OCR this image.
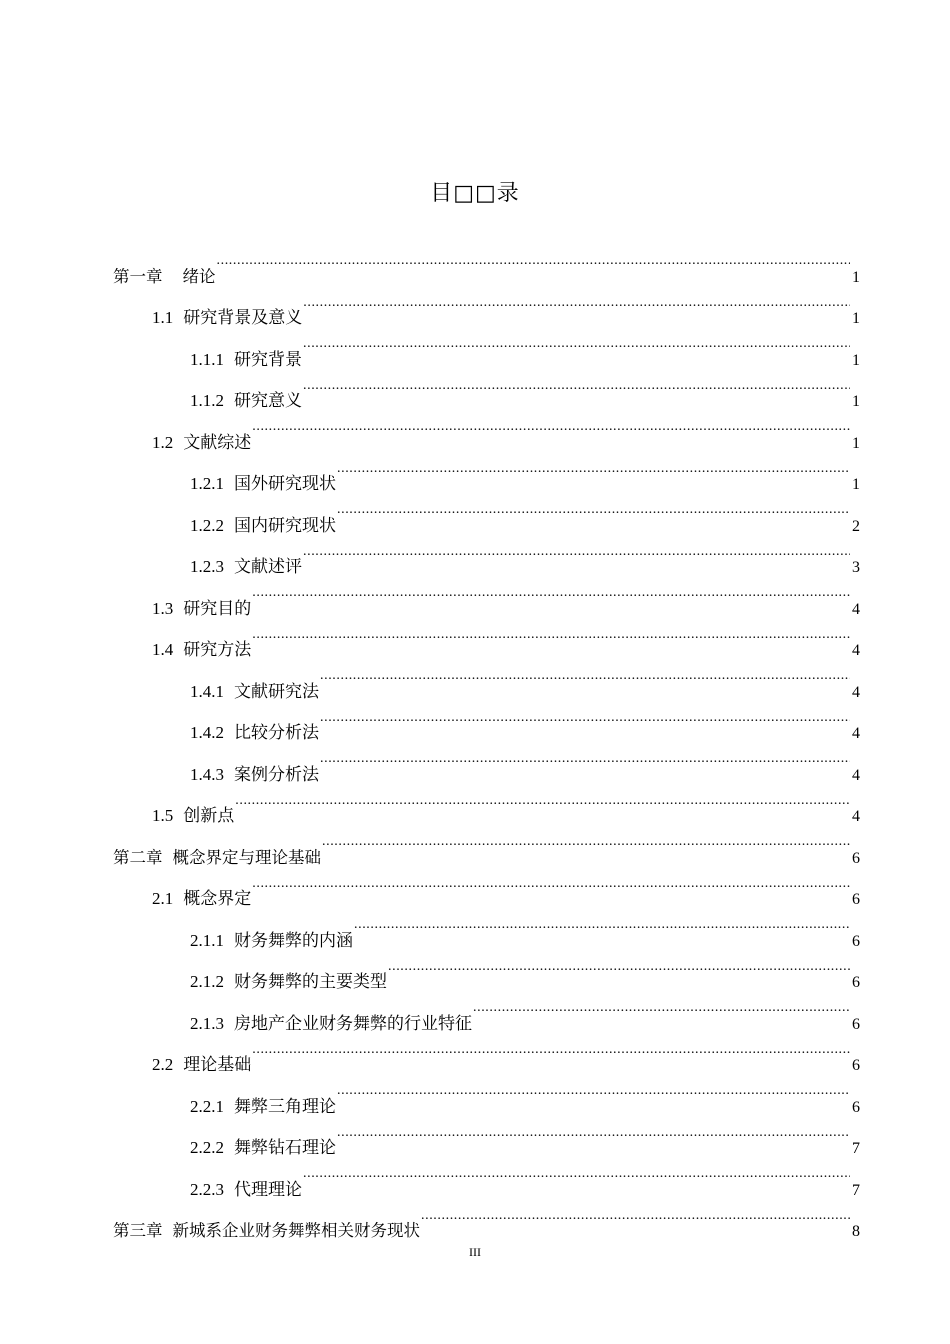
目□□录
第一章 绪论 .....	1
1.1 研究背景及意义 .....	1
1.1.1 研究背景 .....	1
1.1.2 研究意义 .....	1
1.2 文献综述 .....	1
1.2.1 国外研究现状 .....	1
1.2.2 国内研究现状 .....	2
1.2.3 文献述评 .....	3
1.3 研究目的 .....	4
1.4 研究方法 .....	4
1.4.1 文献研究法 .....	4
1.4.2 比较分析法 .....	4
1.4.3 案例分析法 .....	4
1.5 创新点 .....	4
第二章 概念界定与理论基础 .....	6
2.1 概念界定 .....	6
2.1.1 财务舞弊的内涵 .....	6
2.1.2 财务舞弊的主要类型 .....	6
2.1.3 房地产企业财务舞弊的行业特征 .....	6
2.2 理论基础 .....	6
2.2.1 舞弊三角理论 .....	6
2.2.2 舞弊钻石理论 .....	7
2.2.3 代理理论 .....	7
第三章 新城系企业财务舞弊相关财务现状 .....	8
III
